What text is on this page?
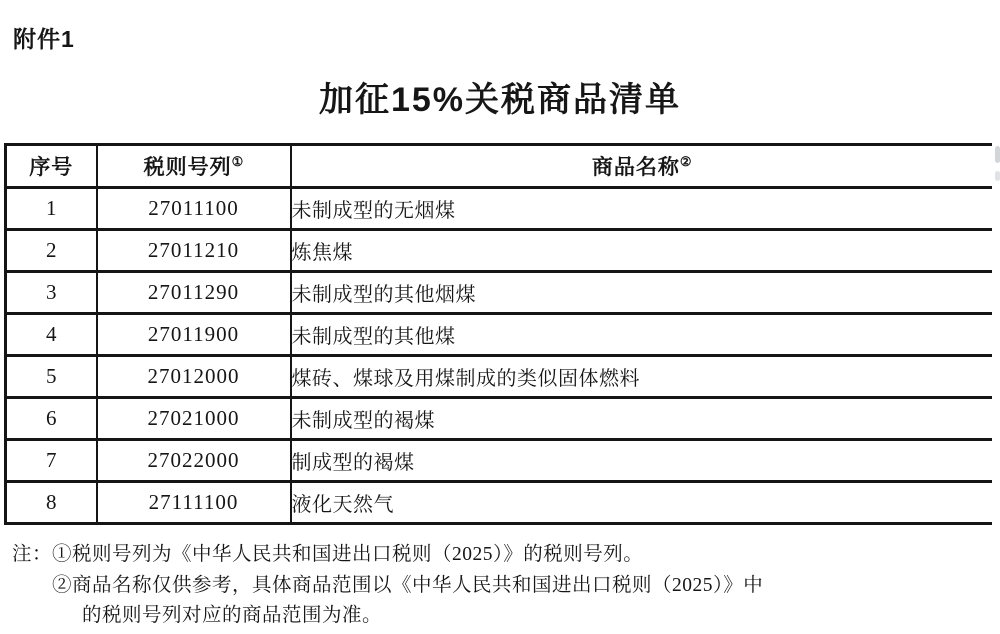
附件1
加征15%关税商品清单
序号	税则号列①	商品名称②
1	27011100	未制成型的无烟煤
2	27011210	炼焦煤
3	27011290	未制成型的其他烟煤
4	27011900	未制成型的其他煤
5	27012000	煤砖、煤球及用煤制成的类似固体燃料
6	27021000	未制成型的褐煤
7	27022000	制成型的褐煤
8	27111100	液化天然气
注：①税则号列为《中华人民共和国进出口税则（2025）》的税则号列。
②商品名称仅供参考，具体商品范围以《中华人民共和国进出口税则（2025）》中
的税则号列对应的商品范围为准。
